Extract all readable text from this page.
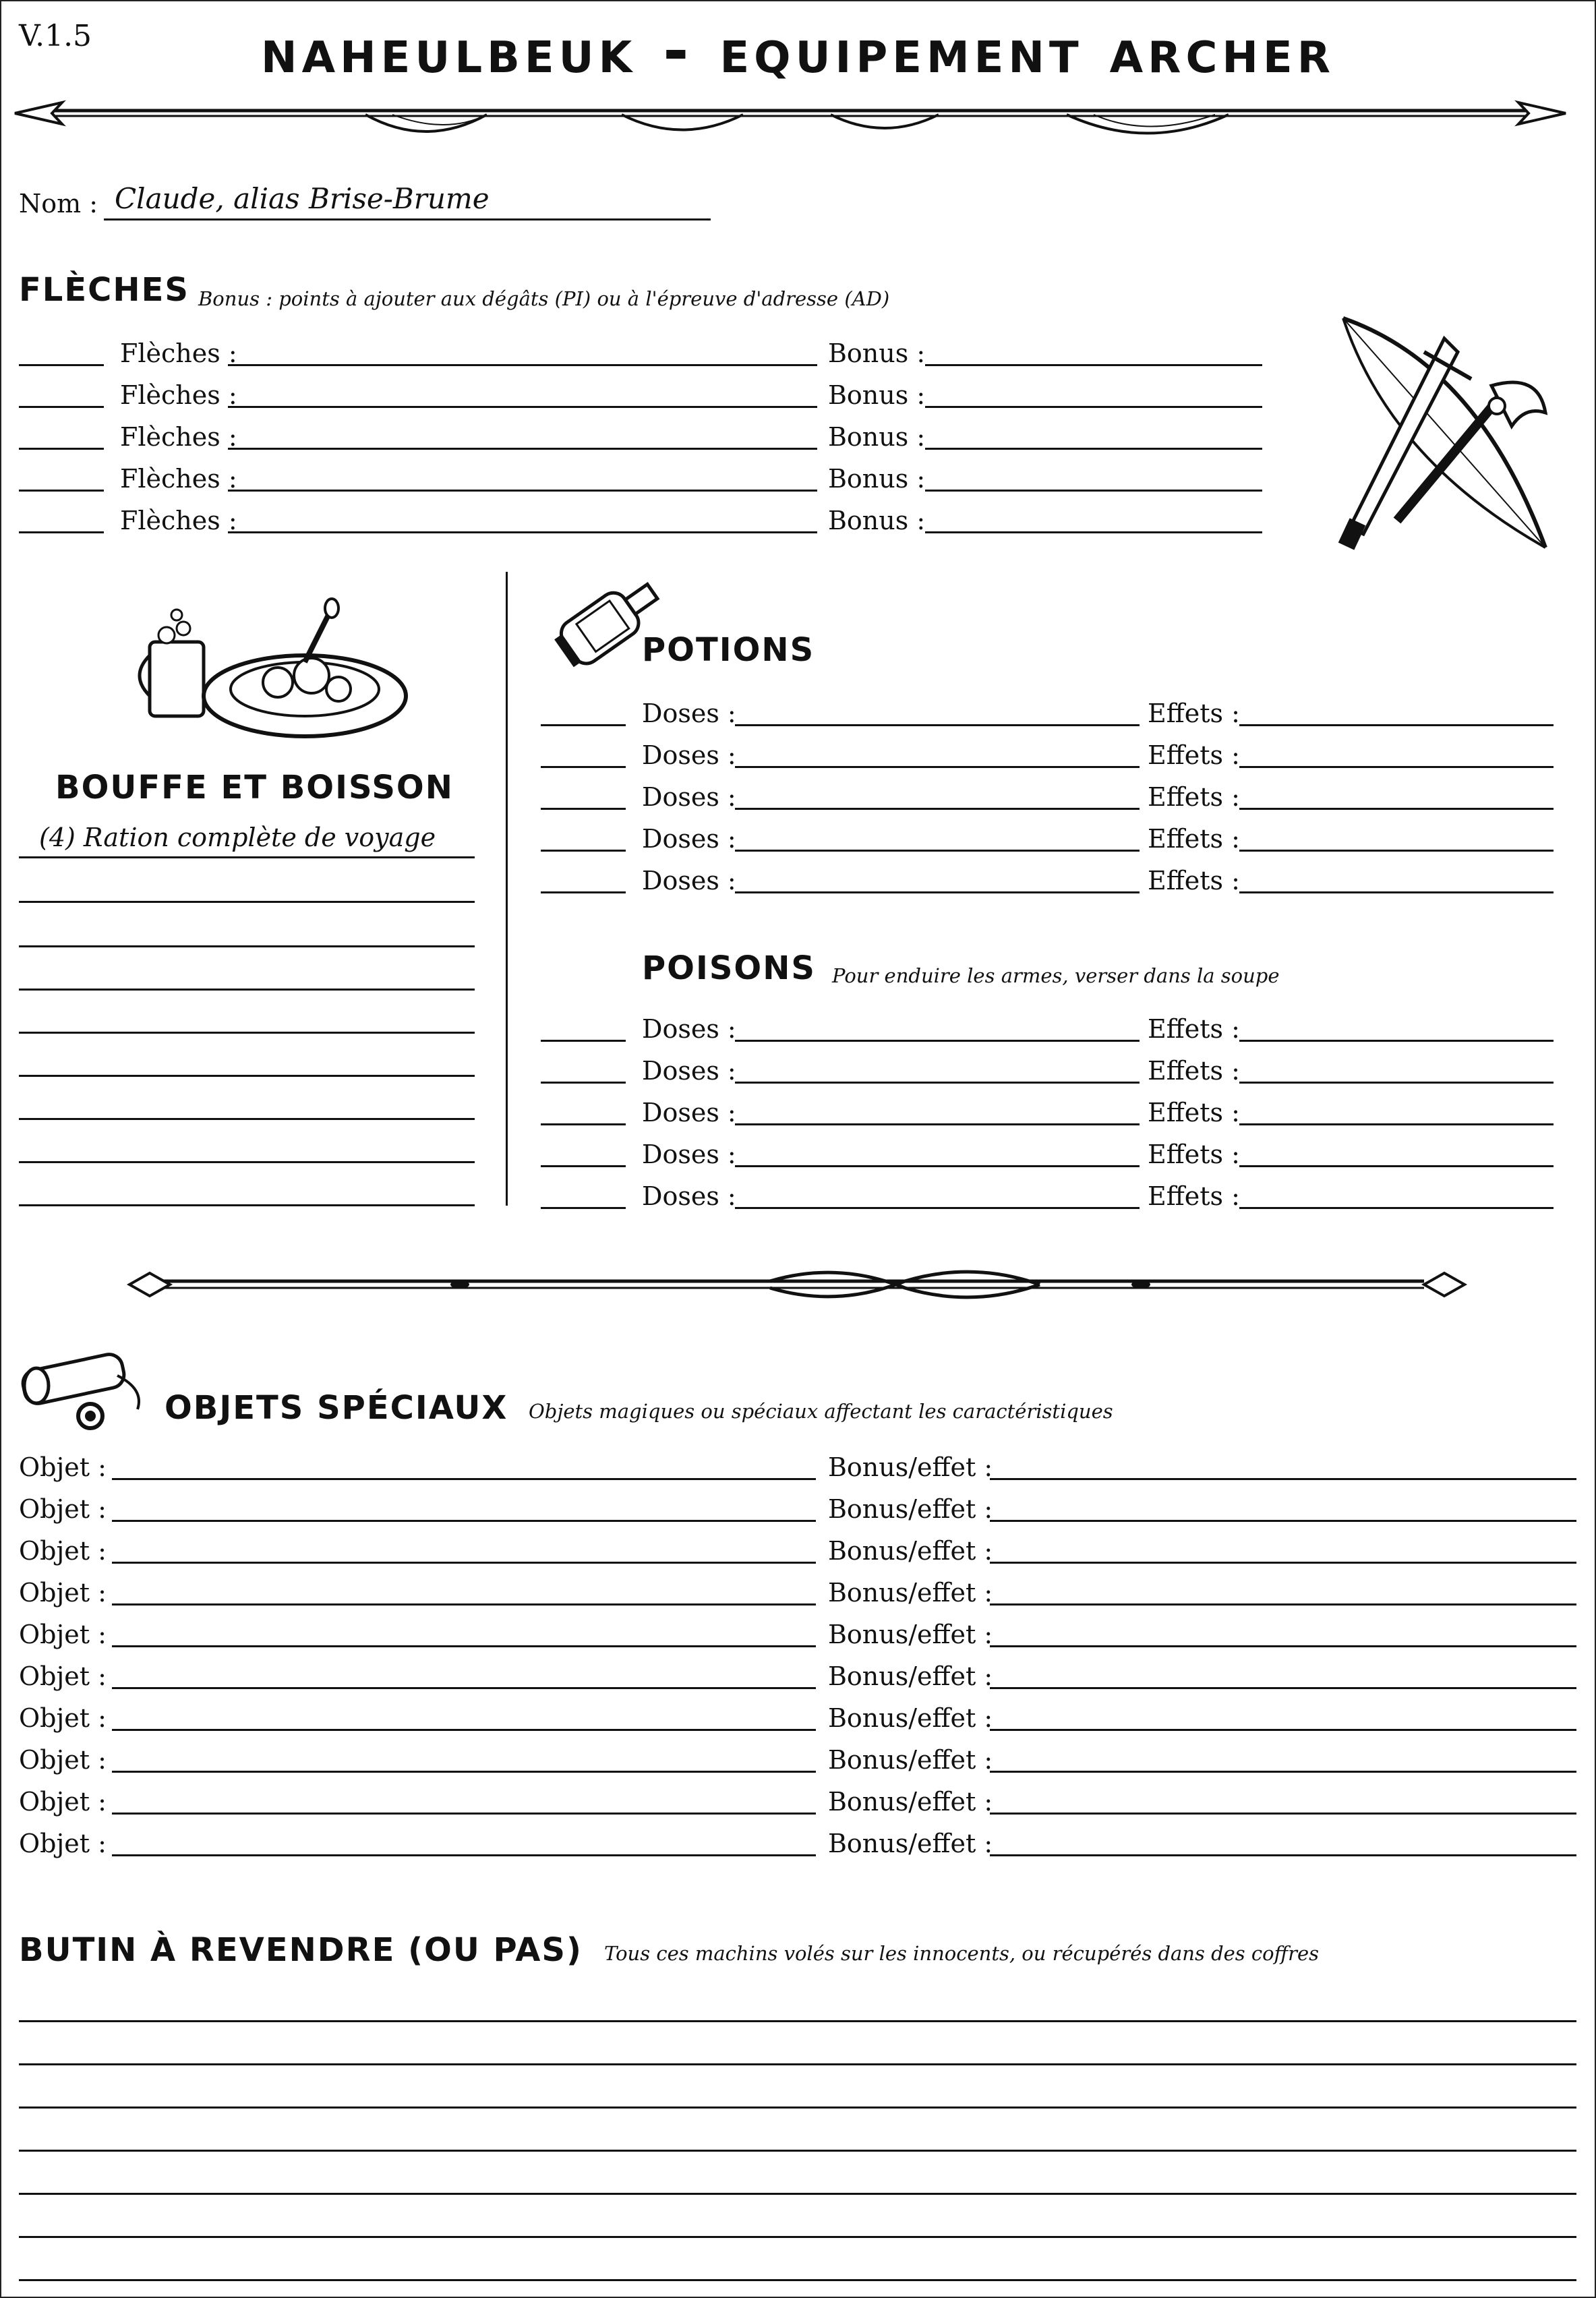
V.1.5	naheulbeuk - equipement archer
Nom : Claude, alias Brise-Brume
FLÈCHES Bonus : points à ajouter aux dégâts (PI) ou à l'épreuve d'adresse (AD)
Flèches :	Bonus :
Flèches :	Bonus :
Flèches :	Bonus :
Flèches :	Bonus :
Flèches :	Bonus :
BOUFFE ET BOISSON
(4) Ration complète de voyage
POTIONS
Doses :	Effets :
Doses :	Effets :
Doses :	Effets :
Doses :	Effets :
Doses :	Effets :
POISONS Pour enduire les armes, verser dans la soupe
Doses :	Effets :
Doses :	Effets :
Doses :	Effets :
Doses :	Effets :
Doses :	Effets :
OBJETS SPÉCIAUX Objets magiques ou spéciaux affectant les caractéristiques
Objet :	Bonus/effet :
Objet :	Bonus/effet :
Objet :	Bonus/effet :
Objet :	Bonus/effet :
Objet :	Bonus/effet :
Objet :	Bonus/effet :
Objet :	Bonus/effet :
Objet :	Bonus/effet :
Objet :	Bonus/effet :
Objet :	Bonus/effet :
BUTIN À REVENDRE (OU PAS) Tous ces machins volés sur les innocents, ou récupérés dans des coffres
